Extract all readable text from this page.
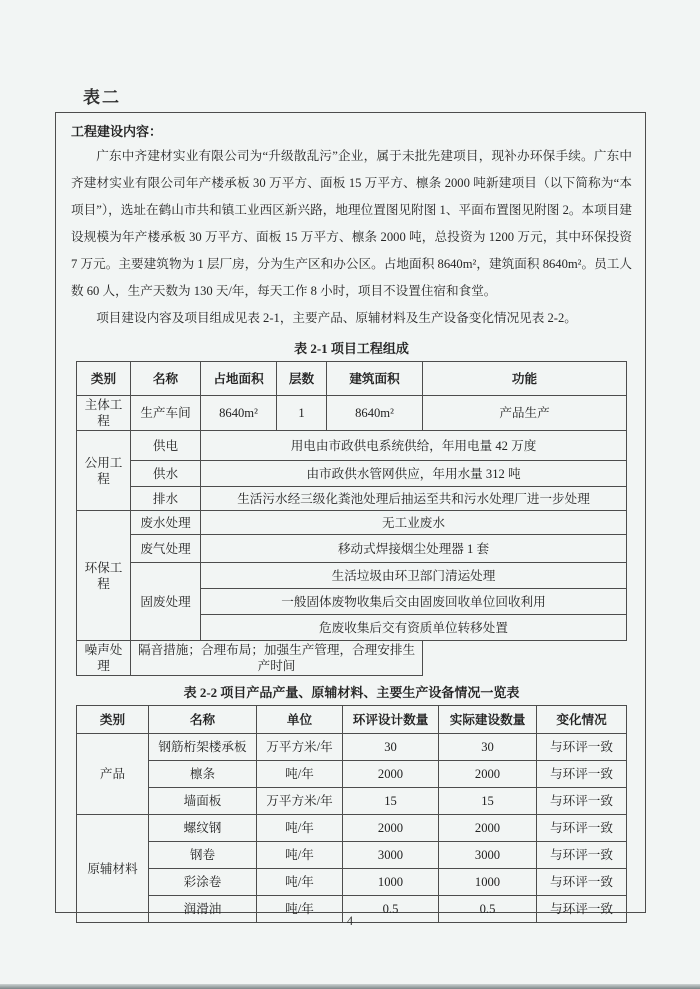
表二
工程建设内容：

广东中齐建材实业有限公司为“升级散乱污”企业，属于未批先建项目，现补办环保手续。广东中齐建材实业有限公司年产楼承板 30 万平方、面板 15 万平方、檩条 2000 吨新建项目（以下简称为“本项目”），选址在鹤山市共和镇工业西区新兴路，地理位置图见附图 1、平面布置图见附图 2。本项目建设规模为年产楼承板 30 万平方、面板 15 万平方、檩条 2000 吨，总投资为 1200 万元，其中环保投资 7 万元。主要建筑物为 1 层厂房，分为生产区和办公区。占地面积 8640m²，建筑面积 8640m²。员工人数 60 人，生产天数为 130 天/年，每天工作 8 小时，项目不设置住宿和食堂。

项目建设内容及项目组成见表 2-1，主要产品、原辅材料及生产设备变化情况见表 2-2。

表 2-1 项目工程组成
类别	名称	占地面积	层数	建筑面积	功能
主体工程	生产车间	8640m²	1	8640m²	产品生产
公用工程	供电	用电由市政供电系统供给，年用电量 42 万度			
	供水	由市政供水管网供应，年用水量 312 吨			
	排水	生活污水经三级化粪池处理后抽运至共和污水处理厂进一步处理			
环保工程	废水处理	无工业废水			
	废气处理	移动式焊接烟尘处理器 1 套			
	固废处理	生活垃圾由环卫部门清运处理			
		一般固体废物收集后交由固废回收单位回收利用			
		危废收集后交有资质单位转移处置			
噪声处理	隔音措施；合理布局；加强生产管理，合理安排生产时间				
表 2-2 项目产品产量、原辅材料、主要生产设备情况一览表
类别	名称	单位	环评设计数量	实际建设数量	变化情况
产品	钢筋桁架楼承板	万平方米/年	30	30	与环评一致
	檩条	吨/年	2000	2000	与环评一致
	墙面板	万平方米/年	15	15	与环评一致
原辅材料	螺纹钢	吨/年	2000	2000	与环评一致
	钢卷	吨/年	3000	3000	与环评一致
	彩涂卷	吨/年	1000	1000	与环评一致
	润滑油	吨/年	0.5	0.5	与环评一致
4
